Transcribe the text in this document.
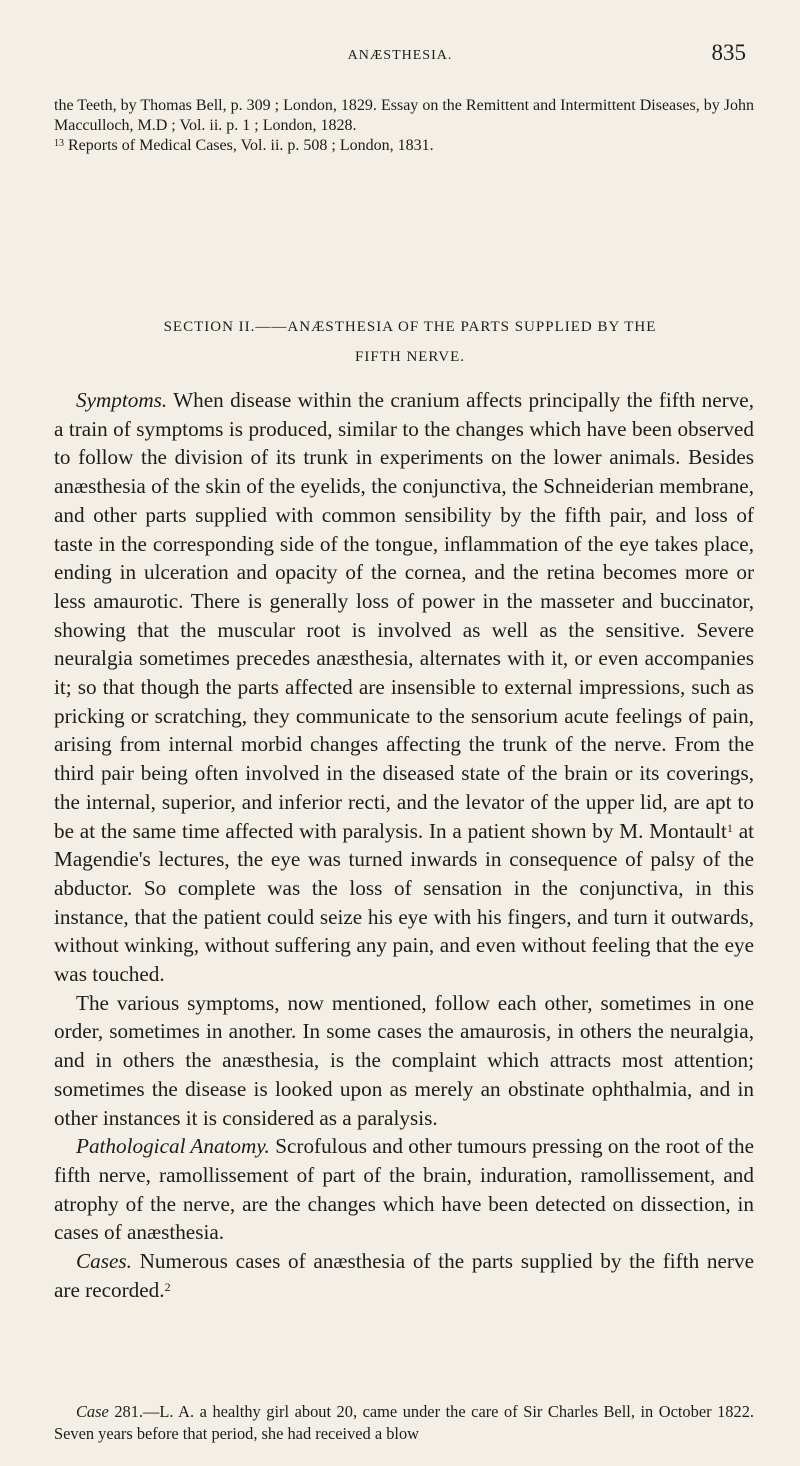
ANÆSTHESIA.	835

the Teeth, by Thomas Bell, p. 309 ; London, 1829. Essay on the Remittent and Intermittent Diseases, by John Macculloch, M.D ; Vol. ii. p. 1 ; London, 1828.

$^{13}$ Reports of Medical Cases, Vol. ii. p. 508 ; London, 1831.

SECTION II.——ANÆSTHESIA OF THE PARTS SUPPLIED BY THE
FIFTH NERVE.

Symptoms. When disease within the cranium affects principally the fifth nerve, a train of symptoms is produced, similar to the changes which have been observed to follow the division of its trunk in experiments on the lower animals. Besides anæsthesia of the skin of the eyelids, the conjunctiva, the Schneiderian membrane, and other parts supplied with common sensibility by the fifth pair, and loss of taste in the corresponding side of the tongue, inflammation of the eye takes place, ending in ulceration and opacity of the cornea, and the retina becomes more or less amaurotic. There is generally loss of power in the masseter and buccinator, showing that the muscular root is involved as well as the sensitive. Severe neuralgia sometimes precedes anæsthesia, alternates with it, or even accompanies it; so that though the parts affected are insensible to external impressions, such as pricking or scratching, they communicate to the sensorium acute feelings of pain, arising from internal morbid changes affecting the trunk of the nerve. From the third pair being often involved in the diseased state of the brain or its coverings, the internal, superior, and inferior recti, and the levator of the upper lid, are apt to be at the same time affected with paralysis. In a patient shown by M. Montault$^1$ at Magendie's lectures, the eye was turned inwards in consequence of palsy of the abductor. So complete was the loss of sensation in the conjunctiva, in this instance, that the patient could seize his eye with his fingers, and turn it outwards, without winking, without suffering any pain, and even without feeling that the eye was touched.

The various symptoms, now mentioned, follow each other, sometimes in one order, sometimes in another. In some cases the amaurosis, in others the neuralgia, and in others the anæsthesia, is the complaint which attracts most attention; sometimes the disease is looked upon as merely an obstinate ophthalmia, and in other instances it is considered as a paralysis.

Pathological Anatomy. Scrofulous and other tumours pressing on the root of the fifth nerve, ramollissement of part of the brain, induration, ramollissement, and atrophy of the nerve, are the changes which have been detected on dissection, in cases of anæsthesia.

Cases. Numerous cases of anæsthesia of the parts supplied by the fifth nerve are recorded.$^2$

Case 281.—L. A. a healthy girl about 20, came under the care of Sir Charles Bell, in October 1822. Seven years before that period, she had received a blow
